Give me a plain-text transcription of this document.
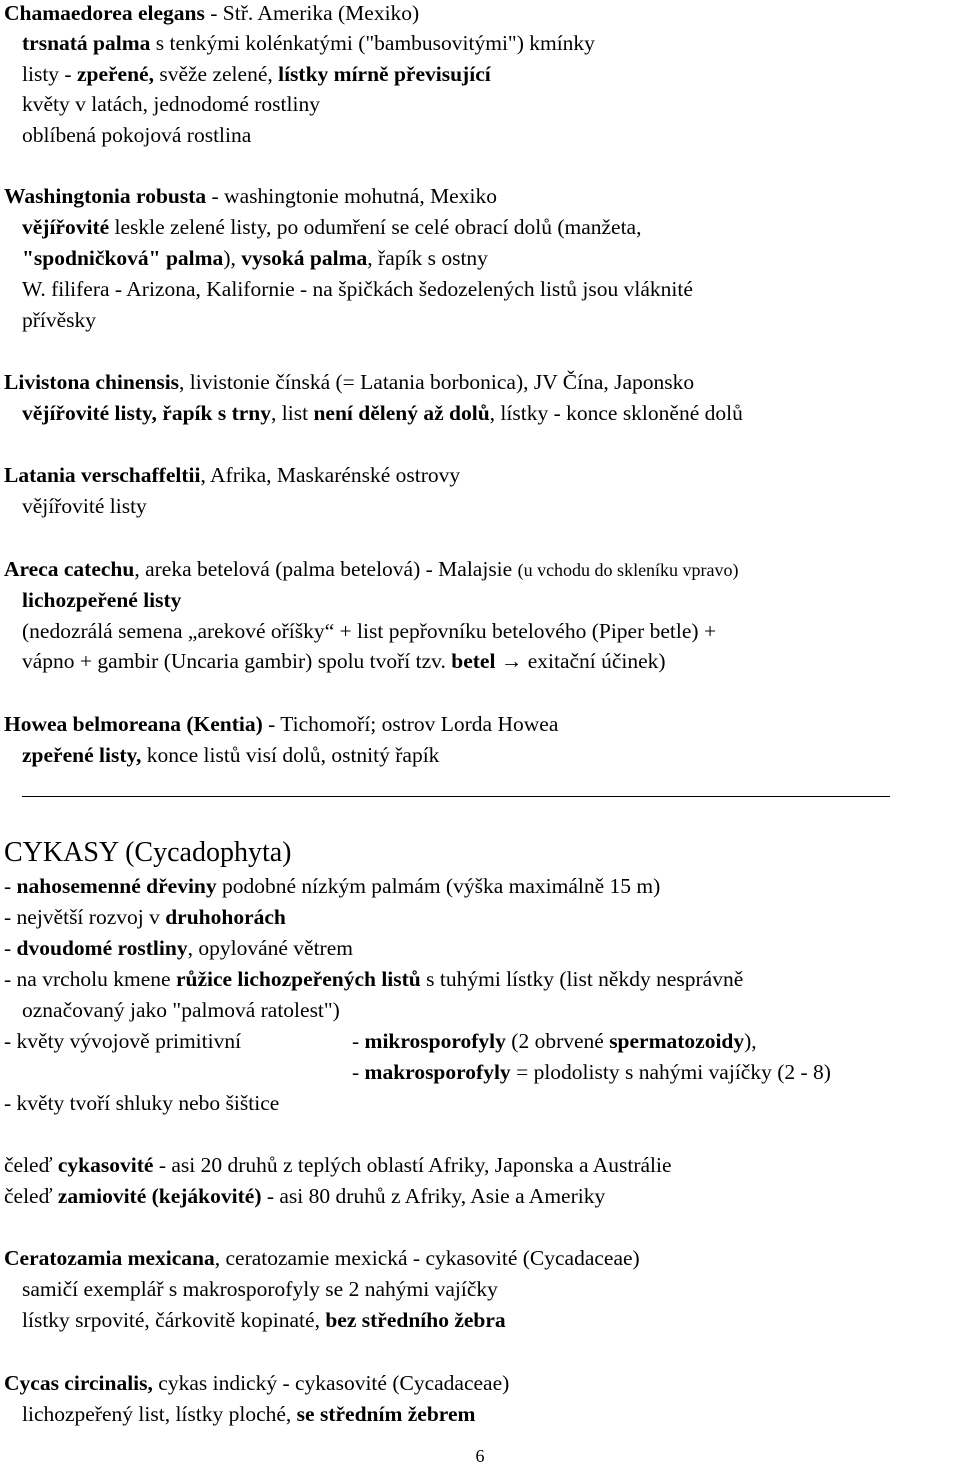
Chamaedorea elegans - Stř. Amerika (Mexiko)
trsnatá palma s tenkými kolénkatými ("bambusovitými") kmínky
listy - zpeřené, svěže zelené, lístky mírně převisující
květy v latách, jednodomé rostliny
oblíbená pokojová rostlina
Washingtonia robusta - washingtonie mohutná, Mexiko
vějířovité leskle zelené listy, po odumření se celé obrací dolů (manžeta,
"spodničková" palma), vysoká palma, řapík s ostny
W. filifera - Arizona, Kalifornie - na špičkách šedozelených listů jsou vláknité
přívěsky
Livistona chinensis, livistonie čínská (= Latania borbonica), JV Čína, Japonsko
vějířovité listy, řapík s trny, list není dělený až dolů, lístky - konce skloněné dolů
Latania verschaffeltii, Afrika, Maskarénské ostrovy
vějířovité listy
Areca catechu, areka betelová (palma betelová) - Malajsie (u vchodu do skleníku vpravo)
lichozpeřené listy
(nedozrálá semena „arekové oříšky“ + list pepřovníku betelového (Piper betle) +
vápno + gambir (Uncaria gambir) spolu tvoří tzv. betel → exitační účinek)
Howea belmoreana (Kentia) - Tichomoří; ostrov Lorda Howea
zpeřené listy, konce listů visí dolů, ostnitý řapík
CYKASY (Cycadophyta)
- nahosemenné dřeviny podobné nízkým palmám (výška maximálně 15 m)
- největší rozvoj v druhohorách
- dvoudomé rostliny, opylováné větrem
- na vrcholu kmene růžice lichozpeřených listů s tuhými lístky (list někdy nesprávně
označovaný jako "palmová ratolest")
- květy vývojově primitivní	- mikrosporofyly (2 obrvené spermatozoidy),
- makrosporofyly = plodolisty s nahými vajíčky (2 - 8)
- květy tvoří shluky nebo šištice
čeleď cykasovité - asi 20 druhů z teplých oblastí Afriky, Japonska a Austrálie
čeleď zamiovité (kejákovité) - asi 80 druhů z Afriky, Asie a Ameriky
Ceratozamia mexicana, ceratozamie mexická - cykasovité (Cycadaceae)
samičí exemplář s makrosporofyly se 2 nahými vajíčky
lístky srpovité, čárkovitě kopinaté, bez středního žebra
Cycas circinalis, cykas indický - cykasovité (Cycadaceae)
lichozpeřený list, lístky ploché, se středním žebrem
6
